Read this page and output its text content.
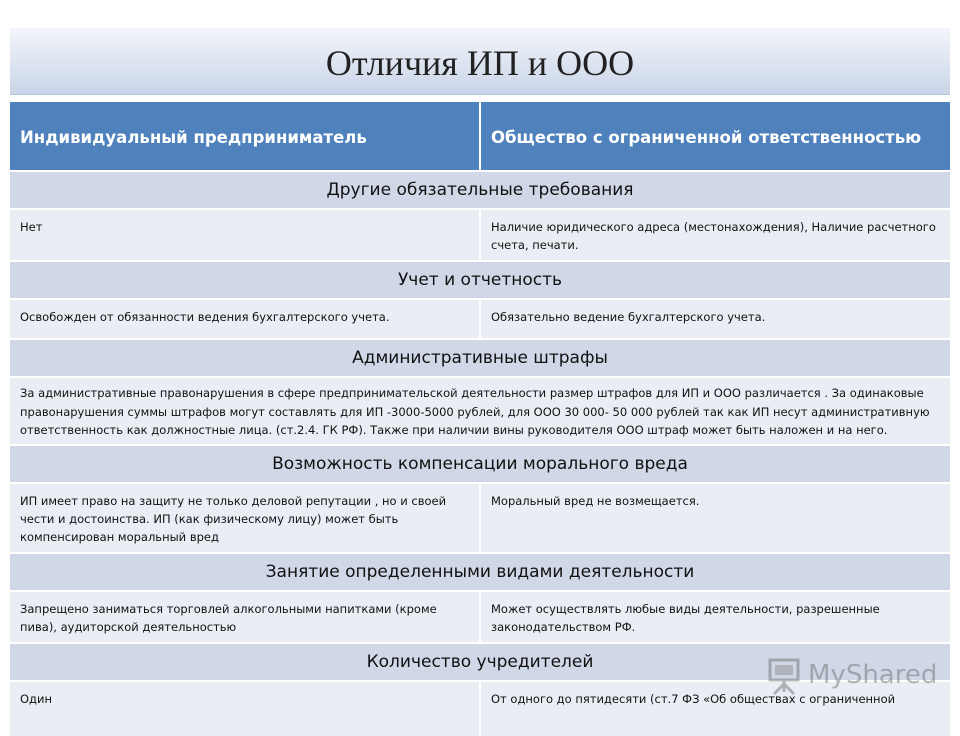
Отличия ИП и ООО
Индивидуальный предприниматель	Общество с ограниченной ответственностью
Другие обязательные требования	
Нет	Наличие юридического адреса (местонахождения), Наличие расчетного счета, печати.
Учет и отчетность	
Освобожден от обязанности ведения бухгалтерского учета.	Обязательно ведение бухгалтерского учета.
Административные штрафы	
За административные правонарушения в сфере предпринимательской деятельности размер штрафов для ИП и ООО различается . За одинаковые правонарушения суммы штрафов могут составлять для ИП -3000-5000 рублей, для ООО 30 000- 50 000 рублей так как ИП несут административную ответственность как должностные лица. (ст.2.4. ГК РФ). Также при наличии вины руководителя ООО штраф может быть наложен и на него.	
Возможность компенсации морального вреда	
ИП имеет право на защиту не только деловой репутации , но и своей чести и достоинства. ИП (как физическому лицу) может быть компенсирован моральный вред	Моральный вред не возмещается.
Занятие определенными видами деятельности	
Запрещено заниматься торговлей алкогольными напитками (кроме пива), аудиторской деятельностью	Может осуществлять любые виды деятельности, разрешенные законодательством РФ.
Количество учредителей	
Один	От одного до пятидесяти (ст.7 ФЗ «Об обществах с ограниченной
MyShared
